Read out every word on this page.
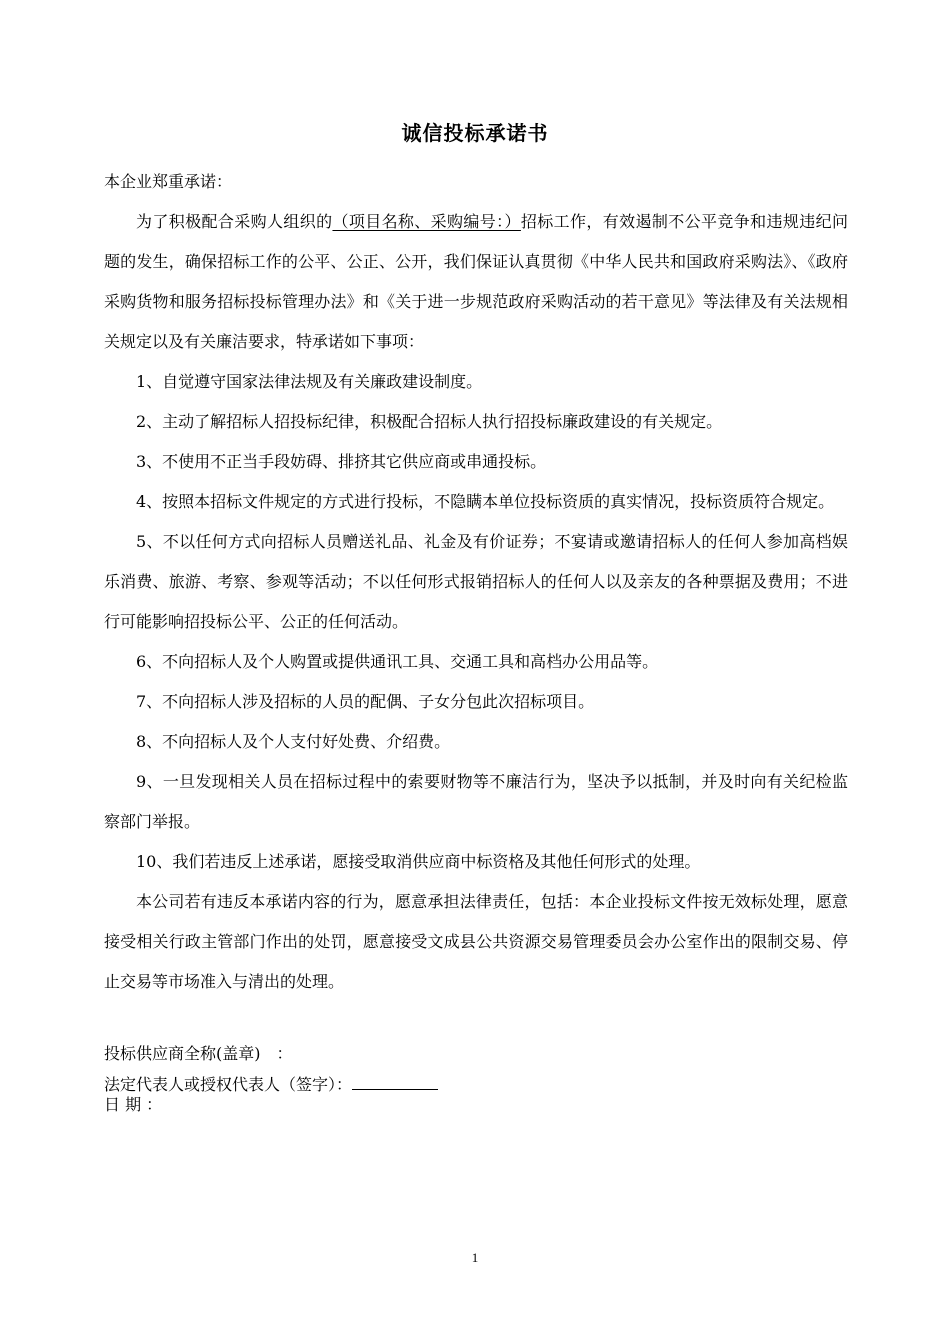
诚信投标承诺书
本企业郑重承诺：

为了积极配合采购人组织的（项目名称、采购编号：）招标工作，有效遏制不公平竞争和违规违纪问题的发生，确保招标工作的公平、公正、公开，我们保证认真贯彻《中华人民共和国政府采购法》、《政府采购货物和服务招标投标管理办法》和《关于进一步规范政府采购活动的若干意见》等法律及有关法规相关规定以及有关廉洁要求，特承诺如下事项：

1、自觉遵守国家法律法规及有关廉政建设制度。

2、主动了解招标人招投标纪律，积极配合招标人执行招投标廉政建设的有关规定。

3、不使用不正当手段妨碍、排挤其它供应商或串通投标。

4、按照本招标文件规定的方式进行投标，不隐瞒本单位投标资质的真实情况，投标资质符合规定。

5、不以任何方式向招标人员赠送礼品、礼金及有价证券；不宴请或邀请招标人的任何人参加高档娱乐消费、旅游、考察、参观等活动；不以任何形式报销招标人的任何人以及亲友的各种票据及费用；不进行可能影响招投标公平、公正的任何活动。

6、不向招标人及个人购置或提供通讯工具、交通工具和高档办公用品等。

7、不向招标人涉及招标的人员的配偶、子女分包此次招标项目。

8、不向招标人及个人支付好处费、介绍费。

9、一旦发现相关人员在招标过程中的索要财物等不廉洁行为，坚决予以抵制，并及时向有关纪检监察部门举报。

10、我们若违反上述承诺，愿接受取消供应商中标资格及其他任何形式的处理。

本公司若有违反本承诺内容的行为，愿意承担法律责任，包括：本企业投标文件按无效标处理，愿意接受相关行政主管部门作出的处罚，愿意接受文成县公共资源交易管理委员会办公室作出的限制交易、停止交易等市场准入与清出的处理。

投标供应商全称(盖章)　：
法定代表人或授权代表人（签字）：
日 期 ：
1
